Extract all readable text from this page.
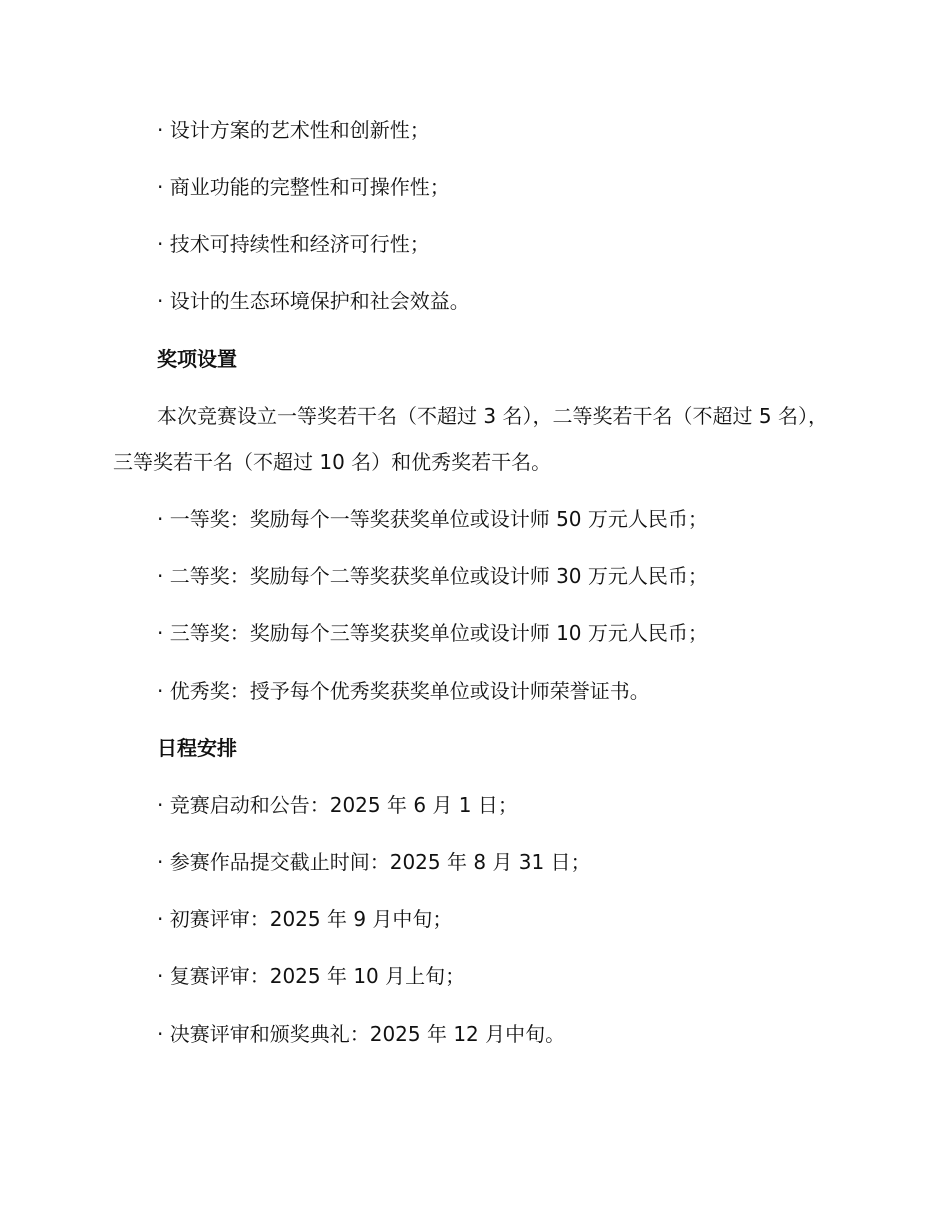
· 设计方案的艺术性和创新性；
· 商业功能的完整性和可操作性；
· 技术可持续性和经济可行性；
· 设计的生态环境保护和社会效益。
奖项设置
本次竞赛设立一等奖若干名（不超过 3 名），二等奖若干名（不超过 5 名），三等奖若干名（不超过 10 名）和优秀奖若干名。
· 一等奖：奖励每个一等奖获奖单位或设计师 50 万元人民币；
· 二等奖：奖励每个二等奖获奖单位或设计师 30 万元人民币；
· 三等奖：奖励每个三等奖获奖单位或设计师 10 万元人民币；
· 优秀奖：授予每个优秀奖获奖单位或设计师荣誉证书。
日程安排
· 竞赛启动和公告：2025 年 6 月 1 日；
· 参赛作品提交截止时间：2025 年 8 月 31 日；
· 初赛评审：2025 年 9 月中旬；
· 复赛评审：2025 年 10 月上旬；
· 决赛评审和颁奖典礼：2025 年 12 月中旬。
